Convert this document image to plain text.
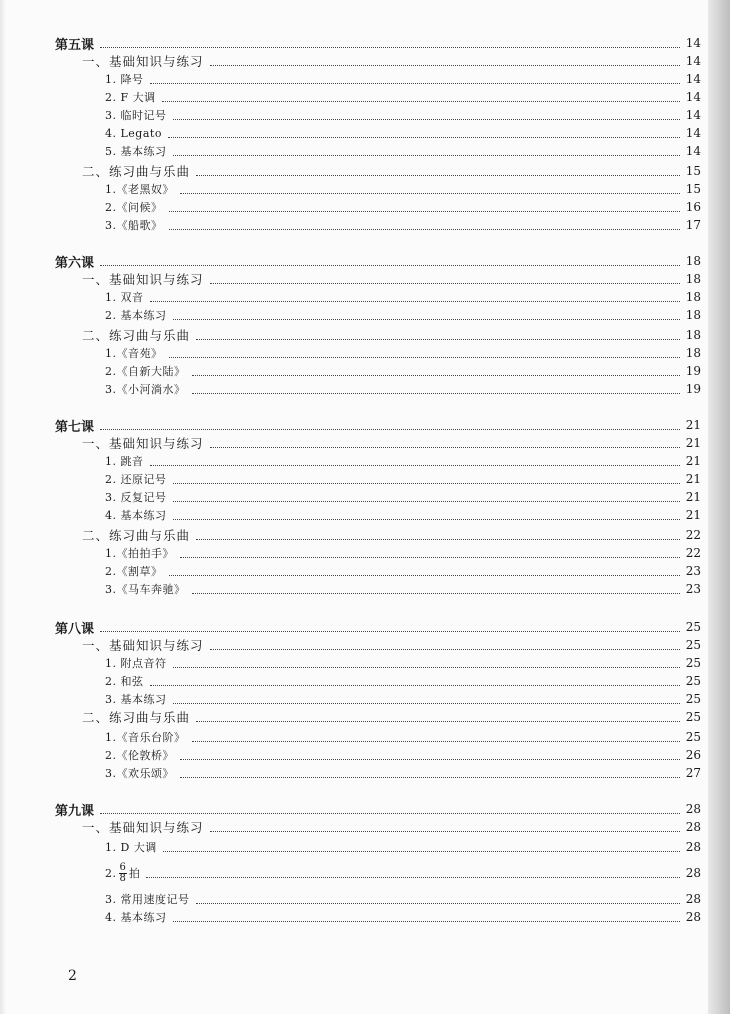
第五课	14
一、基础知识与练习	14
1. 降号	14
2. F 大调	14
3. 临时记号	14
4. Legato	14
5. 基本练习	14
二、练习曲与乐曲	15
1.《老黑奴》	15
2.《问候》	16
3.《船歌》	17
第六课	18
一、基础知识与练习	18
1. 双音	18
2. 基本练习	18
二、练习曲与乐曲	18
1.《音苑》	18
2.《自新大陆》	19
3.《小河淌水》	19
第七课	21
一、基础知识与练习	21
1. 跳音	21
2. 还原记号	21
3. 反复记号	21
4. 基本练习	21
二、练习曲与乐曲	22
1.《拍拍手》	22
2.《割草》	23
3.《马车奔驰》	23
第八课	25
一、基础知识与练习	25
1. 附点音符	25
2. 和弦	25
3. 基本练习	25
二、练习曲与乐曲	25
1.《音乐台阶》	25
2.《伦敦桥》	26
3.《欢乐颂》	27
第九课	28
一、基础知识与练习	28
1. D 大调	28
2. $\frac{6}{8}$ 拍	28
3. 常用速度记号	28
4. 基本练习	28
2
